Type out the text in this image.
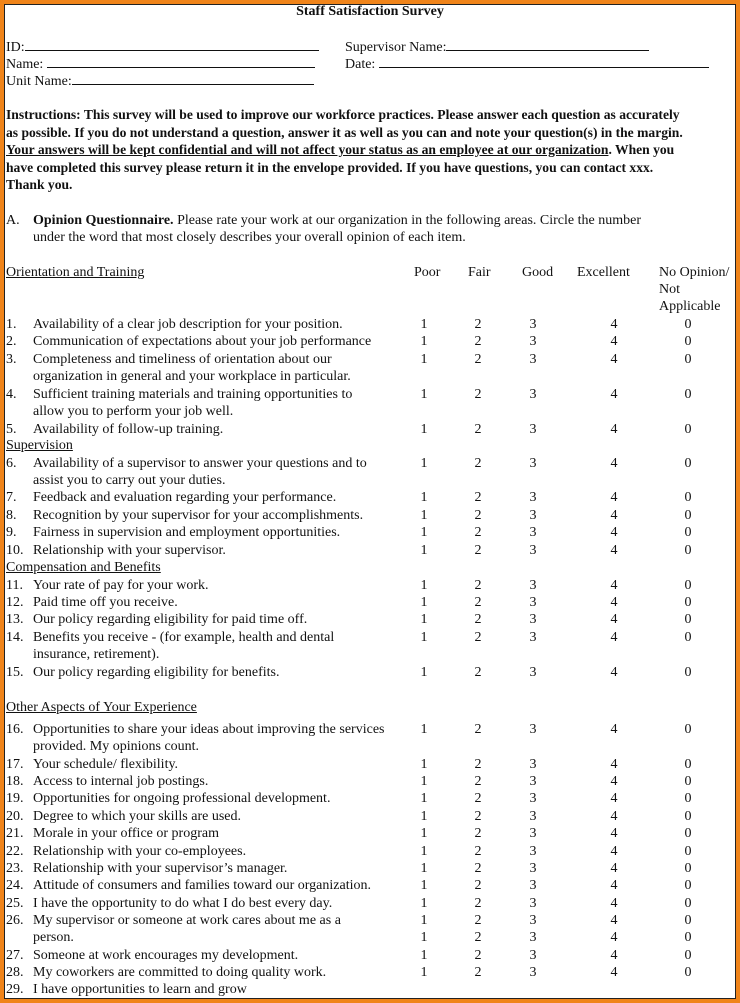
Staff Satisfaction Survey
ID:
Name:
Unit Name:
Supervisor Name:
Date:
Instructions: This survey will be used to improve our workforce practices. Please answer each question as accurately as possible. If you do not understand a question, answer it as well as you can and note your question(s) in the margin. Your answers will be kept confidential and will not affect your status as an employee at our organization. When you have completed this survey please return it in the envelope provided. If you have questions, you can contact xxx. Thank you.
A. Opinion Questionnaire. Please rate your work at our organization in the following areas. Circle the number
under the word that most closely describes your overall opinion of each item.
Poor Fair Good Excellent No Opinion/
Not
Applicable
Orientation and Training
1. Availability of a clear job description for your position.	1	2	3	4	0
2. Communication of expectations about your job performance	1	2	3	4	0
3. Completeness and timeliness of orientation about our
organization in general and your workplace in particular.
1	2	3	4	0
4. Sufficient training materials and training opportunities to
allow you to perform your job well.
1	2	3	4	0
5. Availability of follow-up training.	1	2	3	4	0
Supervision
6. Availability of a supervisor to answer your questions and to
assist you to carry out your duties.
1	2	3	4	0
7. Feedback and evaluation regarding your performance.	1	2	3	4	0
8. Recognition by your supervisor for your accomplishments.	1	2	3	4	0
9. Fairness in supervision and employment opportunities.	1	2	3	4	0
10. Relationship with your supervisor.	1	2	3	4	0
Compensation and Benefits
11. Your rate of pay for your work.	1	2	3	4	0
12. Paid time off you receive.	1	2	3	4	0
13. Our policy regarding eligibility for paid time off.	1	2	3	4	0
14. Benefits you receive - (for example, health and dental
insurance, retirement).
1	2	3	4	0
15. Our policy regarding eligibility for benefits.	1	2	3	4	0
Other Aspects of Your Experience
16. Opportunities to share your ideas about improving the services
provided. My opinions count.
1	2	3	4	0
17. Your schedule/ flexibility.	1	2	3	4	0
18. Access to internal job postings.	1	2	3	4	0
19. Opportunities for ongoing professional development.	1	2	3	4	0
20. Degree to which your skills are used.	1	2	3	4	0
21. Morale in your office or program	1	2	3	4	0
22. Relationship with your co-employees.	1	2	3	4	0
23. Relationship with your supervisor’s manager.	1	2	3	4	0
24. Attitude of consumers and families toward our organization.	1	2	3	4	0
25. I have the opportunity to do what I do best every day.	1	2	3	4	0
26. My supervisor or someone at work cares about me as a
person.
1	2	3	4	0
1	2	3	4	0
27. Someone at work encourages my development.	1	2	3	4	0
28. My coworkers are committed to doing quality work.	1	2	3	4	0
29. I have opportunities to learn and grow
